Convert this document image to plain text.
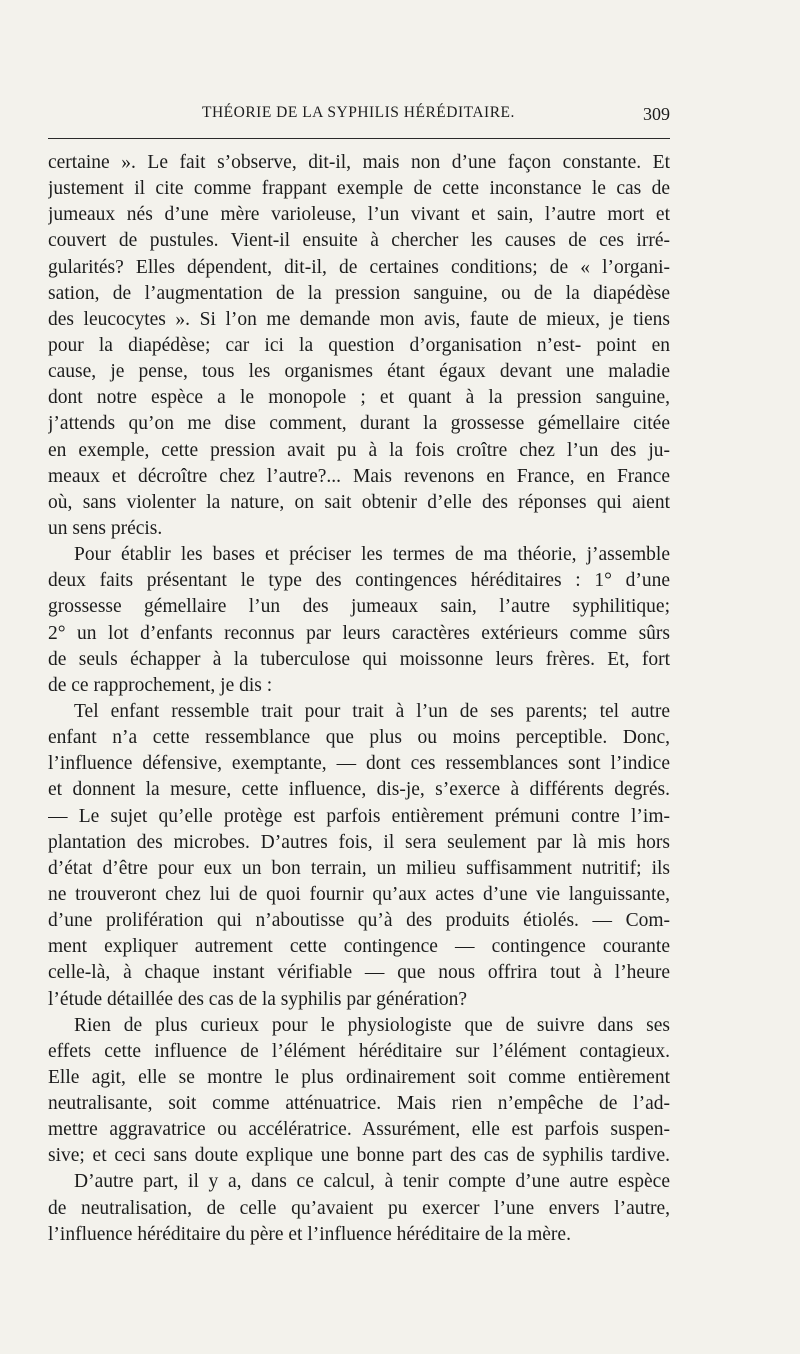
THÉORIE DE LA SYPHILIS HÉRÉDITAIRE.	309
certaine ». Le fait s’observe, dit-il, mais non d’une façon constante. Et
justement il cite comme frappant exemple de cette inconstance le cas de
jumeaux nés d’une mère varioleuse, l’un vivant et sain, l’autre mort et
couvert de pustules. Vient-il ensuite à chercher les causes de ces irré-
gularités? Elles dépendent, dit-il, de certaines conditions; de « l’organi-
sation, de l’augmentation de la pression sanguine, ou de la diapédèse
des leucocytes ». Si l’on me demande mon avis, faute de mieux, je tiens
pour la diapédèse; car ici la question d’organisation n’est- point en
cause, je pense, tous les organismes étant égaux devant une maladie
dont notre espèce a le monopole ; et quant à la pression sanguine,
j’attends qu’on me dise comment, durant la grossesse gémellaire citée
en exemple, cette pression avait pu à la fois croître chez l’un des ju-
meaux et décroître chez l’autre?... Mais revenons en France, en France
où, sans violenter la nature, on sait obtenir d’elle des réponses qui aient
un sens précis.
Pour établir les bases et préciser les termes de ma théorie, j’assemble
deux faits présentant le type des contingences héréditaires : 1° d’une
grossesse gémellaire l’un des jumeaux sain, l’autre syphilitique;
2° un lot d’enfants reconnus par leurs caractères extérieurs comme sûrs
de seuls échapper à la tuberculose qui moissonne leurs frères. Et, fort
de ce rapprochement, je dis :
Tel enfant ressemble trait pour trait à l’un de ses parents; tel autre
enfant n’a cette ressemblance que plus ou moins perceptible. Donc,
l’influence défensive, exemptante, — dont ces ressemblances sont l’indice
et donnent la mesure, cette influence, dis-je, s’exerce à différents degrés.
— Le sujet qu’elle protège est parfois entièrement prémuni contre l’im-
plantation des microbes. D’autres fois, il sera seulement par là mis hors
d’état d’être pour eux un bon terrain, un milieu suffisamment nutritif; ils
ne trouveront chez lui de quoi fournir qu’aux actes d’une vie languissante,
d’une prolifération qui n’aboutisse qu’à des produits étiolés. — Com-
ment expliquer autrement cette contingence — contingence courante
celle-là, à chaque instant vérifiable — que nous offrira tout à l’heure
l’étude détaillée des cas de la syphilis par génération?
Rien de plus curieux pour le physiologiste que de suivre dans ses
effets cette influence de l’élément héréditaire sur l’élément contagieux.
Elle agit, elle se montre le plus ordinairement soit comme entièrement
neutralisante, soit comme atténuatrice. Mais rien n’empêche de l’ad-
mettre aggravatrice ou accélératrice. Assurément, elle est parfois suspen-
sive; et ceci sans doute explique une bonne part des cas de syphilis tardive.
D’autre part, il y a, dans ce calcul, à tenir compte d’une autre espèce
de neutralisation, de celle qu’avaient pu exercer l’une envers l’autre,
l’influence héréditaire du père et l’influence héréditaire de la mère.
